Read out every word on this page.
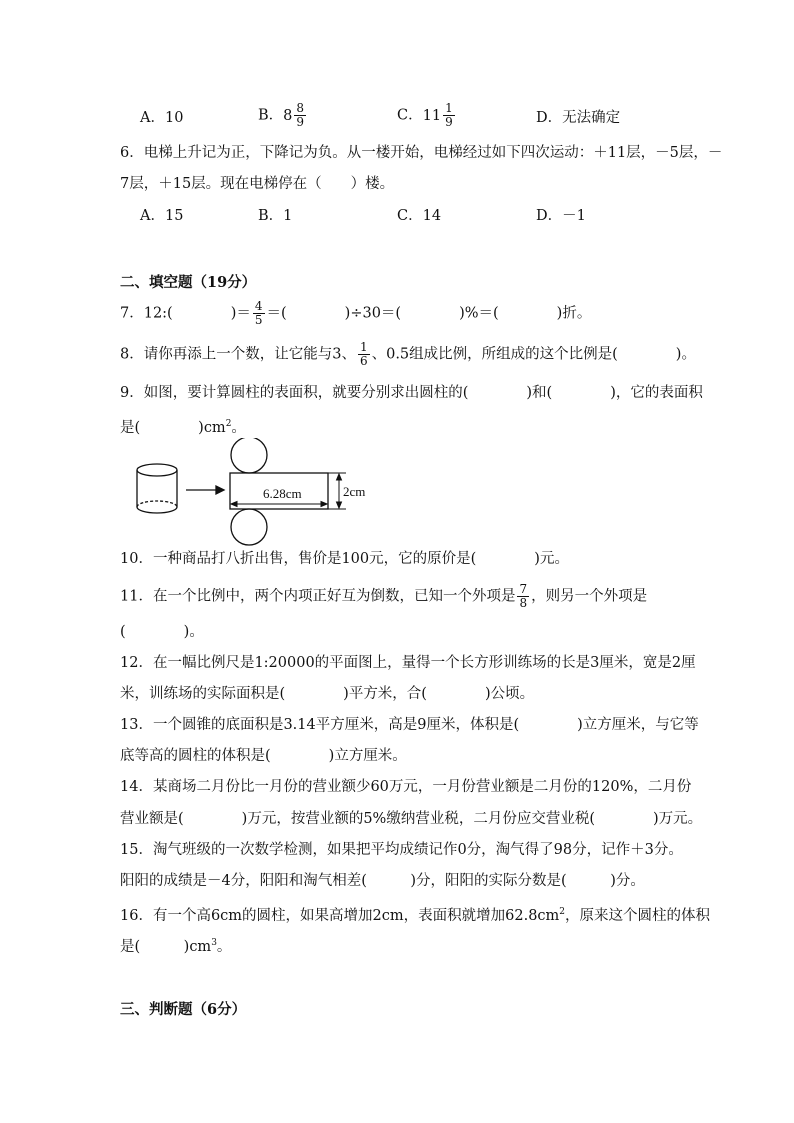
A．10	B． $8 \frac{8}{9}$	C． $11 \frac{1}{9}$	D．无法确定
6．电梯上升记为正，下降记为负。从一楼开始，电梯经过如下四次运动：＋11层，－5层，－
7层，＋15层。现在电梯停在（　　）楼。
A．15	B．1	C．14	D．－1
二、填空题（19分）
7．12:(　　　　)＝ $\frac{4}{5}$ ＝(　　　　)÷30＝(　　　　)%＝(　　　　)折。
8．请你再添上一个数，让它能与3、 $\frac{1}{6}$ 、0.5组成比例，所组成的这个比例是(　　　　)。
9．如图，要计算圆柱的表面积，就要分别求出圆柱的(　　　　)和(　　　　)，它的表面积
是(　　　　)$cm^2$。
6.28cm	2cm
10．一种商品打八折出售，售价是100元，它的原价是(　　　　)元。
11．在一个比例中，两个内项正好互为倒数，已知一个外项是 $\frac{7}{8}$ ，则另一个外项是
(　　　　)。
12．在一幅比例尺是1:20000的平面图上，量得一个长方形训练场的长是3厘米，宽是2厘
米，训练场的实际面积是(　　　　)平方米，合(　　　　)公顷。
13．一个圆锥的底面积是3.14平方厘米，高是9厘米，体积是(　　　　)立方厘米，与它等
底等高的圆柱的体积是(　　　　)立方厘米。
14．某商场二月份比一月份的营业额少60万元，一月份营业额是二月份的120%，二月份
营业额是(　　　　)万元，按营业额的5%缴纳营业税，二月份应交营业税(　　　　)万元。
15．淘气班级的一次数学检测，如果把平均成绩记作0分，淘气得了98分，记作＋3分。
阳阳的成绩是－4分，阳阳和淘气相差(　　　)分，阳阳的实际分数是(　　　)分。
16．有一个高6cm的圆柱，如果高增加2cm，表面积就增加$62.8cm^2$，原来这个圆柱的体积
是(　　　)$cm^3$。
三、判断题（6分）
